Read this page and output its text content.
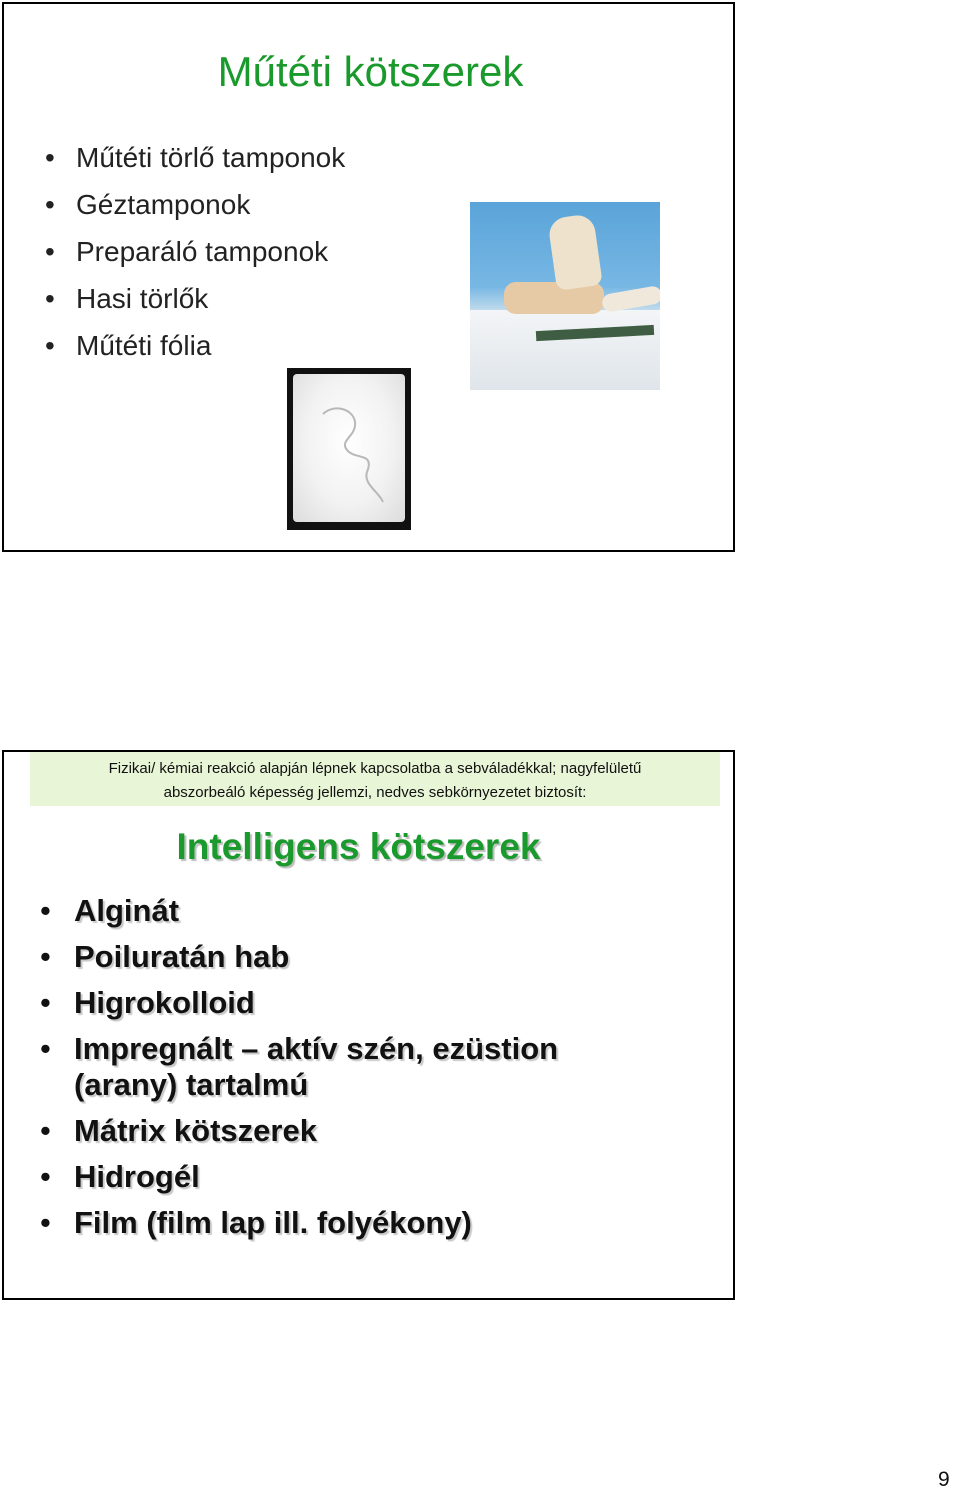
Műtéti kötszerek
• Műtéti törlő tamponok
• Géztamponok
• Preparáló tamponok
• Hasi törlők
• Műtéti fólia
Fizikai/ kémiai reakció alapján lépnek kapcsolatba a sebváladékkal; nagyfelületű
abszorbeáló képesség jellemzi, nedves sebkörnyezetet biztosít:
Intelligens kötszerek
• Alginát
• Poiluratán hab
• Higrokolloid
• Impregnált – aktív szén, ezüstion
(arany) tartalmú
• Mátrix kötszerek
• Hidrogél
• Film (film lap ill. folyékony)
9
